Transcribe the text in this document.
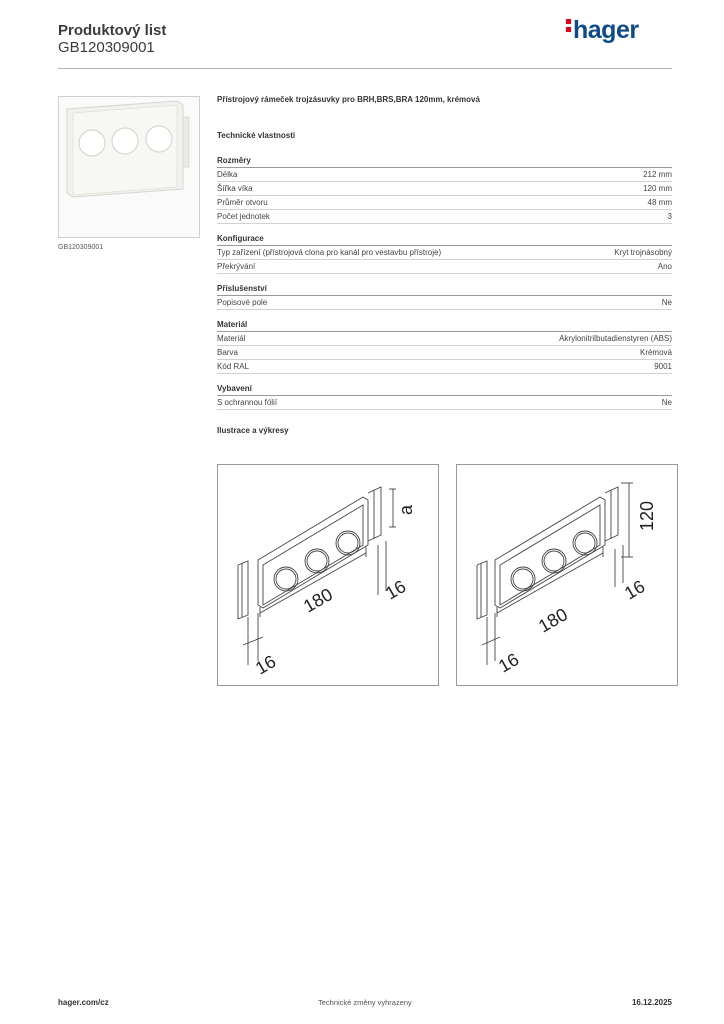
Produktový list
GB120309001
hager
GB120309001
Přístrojový rámeček trojzásuvky pro BRH,BRS,BRA 120mm, krémová
Technické vlastnosti
Rozměry
Délka	212 mm
Šířka víka	120 mm
Průměr otvoru	48 mm
Počet jednotek	3
Konfigurace
Typ zařízení (přístrojová clona pro kanál pro vestavbu přístroje)	Kryt trojnásobný
Překrývání	Ano
Příslušenství
Popisové pole	Ne
Materiál
Materiál	Akrylonitrilbutadienstyren (ABS)
Barva	Krémová
Kód RAL	9001
Vybavení
S ochrannou fólií	Ne
Ilustrace a výkresy
180	16
16
a
180
16
16
120
hager.com/cz	Technické změny vyhrazeny	16.12.2025
